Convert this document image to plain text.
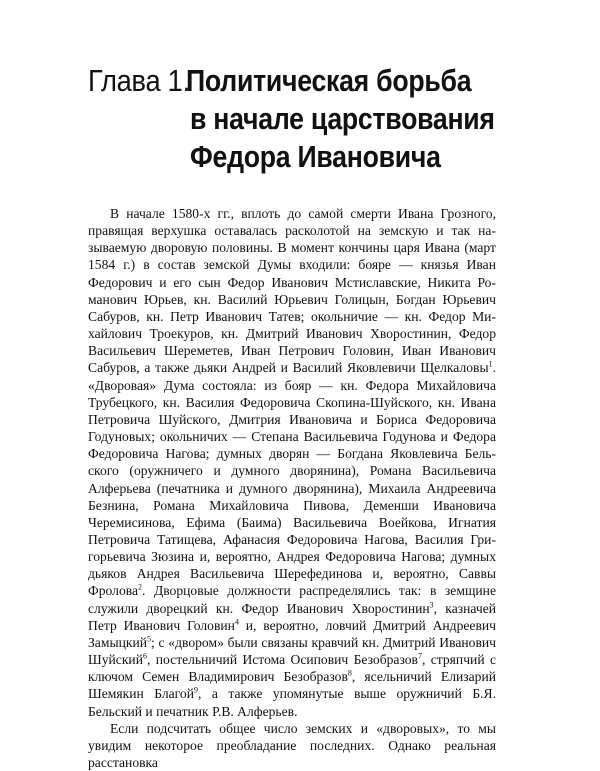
Глава 1.
Политическая борьба
в начале царствования
Федора Ивановича

В начале 1580-х гг., вплоть до самой смерти Ивана Грозного, правящая верхушка оставалась расколотой на земскую и так называемую дворовую половины. В момент кончины царя Ивана (март 1584 г.) в состав земской Думы входили: бояре — князья Иван Федорович и его сын Федор Иванович Мстиславские, Никита Романович Юрьев, кн. Василий Юрьевич Голицын, Богдан Юрьевич Сабуров, кн. Петр Иванович Татев; окольничие — кн. Федор Михайлович Троекуров, кн. Дмитрий Иванович Хворостинин, Федор Васильевич Шереметев, Иван Петрович Головин, Иван Иванович Сабуров, а также дьяки Андрей и Василий Яковлевичи Щелкаловы$^1$. «Дворовая» Дума состояла: из бояр — кн. Федора Михайловича Трубецкого, кн. Василия Федоровича Скопина-Шуйского, кн. Ивана Петровича Шуйского, Дмитрия Ивановича и Бориса Федоровича Годуновых; окольничих — Степана Васильевича Годунова и Федора Федоровича Нагова; думных дворян — Богдана Яковлевича Бельского (оружничего и думного дворянина), Романа Васильевича Алферьева (печатника и думного дворянина), Михаила Андреевича Безнина, Романа Михайловича Пивова, Деменши Ивановича Черемисинова, Ефима (Баима) Васильевича Воейкова, Игнатия Петровича Татищева, Афанасия Федоровича Нагова, Василия Григорьевича Зюзина и, вероятно, Андрея Федоровича Нагова; думных дьяков Андрея Васильевича Шерефединова и, вероятно, Саввы Фролова$^2$. Дворцовые должности распределялись так: в земщине служили дворецкий кн. Федор Иванович Хворостинин$^3$, казначей Петр Иванович Головин$^4$ и, вероятно, ловчий Дмитрий Андреевич Замыцкий$^5$; с «двором» были связаны кравчий кн. Дмитрий Иванович Шуйский$^6$, постельничий Истома Осипович Безобразов$^7$, стряпчий с ключом Семен Владимирович Безобразов$^8$, ясельничий Елизарий Шемякин Благой$^9$, а также упомянутые выше оружничий Б.Я. Бельский и печатник Р.В. Алферьев.

Если подсчитать общее число земских и «дворовых», то мы увидим некоторое преобладание последних. Однако реальная расстановка
